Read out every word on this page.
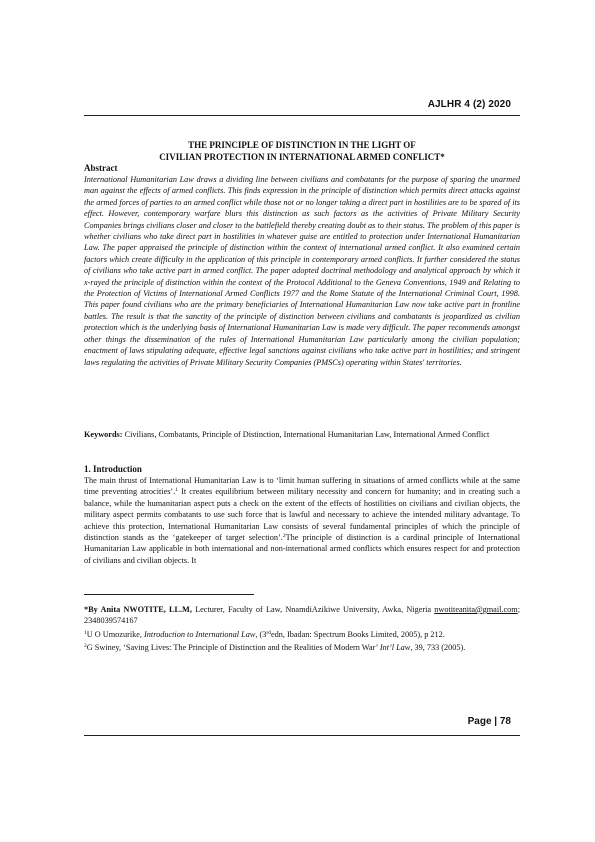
AJLHR 4 (2) 2020
THE PRINCIPLE OF DISTINCTION IN THE LIGHT OF
CIVILIAN PROTECTION IN INTERNATIONAL ARMED CONFLICT*
Abstract

International Humanitarian Law draws a dividing line between civilians and combatants for the purpose of sparing the unarmed man against the effects of armed conflicts. This finds expression in the principle of distinction which permits direct attacks against the armed forces of parties to an armed conflict while those not or no longer taking a direct part in hostilities are to be spared of its effect. However, contemporary warfare blurs this distinction as such factors as the activities of Private Military Security Companies brings civilians closer and closer to the battlefield thereby creating doubt as to their status. The problem of this paper is whether civilians who take direct part in hostilities in whatever guise are entitled to protection under International Humanitarian Law. The paper appraised the principle of distinction within the context of international armed conflict. It also examined certain factors which create difficulty in the application of this principle in contemporary armed conflicts. It further considered the status of civilians who take active part in armed conflict. The paper adopted doctrinal methodology and analytical approach by which it x-rayed the principle of distinction within the context of the Protocol Additional to the Geneva Conventions, 1949 and Relating to the Protection of Victims of International Armed Conflicts 1977 and the Rome Statute of the International Criminal Court, 1998. This paper found civilians who are the primary beneficiaries of International Humanitarian Law now take active part in frontline battles. The result is that the sanctity of the principle of distinction between civilians and combatants is jeopardized as civilian protection which is the underlying basis of International Humanitarian Law is made very difficult. The paper recommends amongst other things the dissemination of the rules of International Humanitarian Law particularly among the civilian population; enactment of laws stipulating adequate, effective legal sanctions against civilians who take active part in hostilities; and stringent laws regulating the activities of Private Military Security Companies (PMSCs) operating within States' territories.

Keywords: Civilians, Combatants, Principle of Distinction, International Humanitarian Law, International Armed Conflict
1. Introduction

The main thrust of International Humanitarian Law is to ‘limit human suffering in situations of armed conflicts while at the same time preventing atrocities’.$^1$ It creates equilibrium between military necessity and concern for humanity; and in creating such a balance, while the humanitarian aspect puts a check on the extent of the effects of hostilities on civilians and civilian objects, the military aspect permits combatants to use such force that is lawful and necessary to achieve the intended military advantage. To achieve this protection, International Humanitarian Law consists of several fundamental principles of which the principle of distinction stands as the ‘gatekeeper of target selection’.$^2$The principle of distinction is a cardinal principle of International Humanitarian Law applicable in both international and non-international armed conflicts which ensures respect for and protection of civilians and civilian objects. It

*By Anita NWOTITE, LL.M, Lecturer, Faculty of Law, NnamdiAzikiwe University, Awka, Nigeria nwotiteanita@gmail.com; 2348039574167

$^1$U O Umozurike, Introduction to International Law, (3rdedn, Ibadan: Spectrum Books Limited, 2005), p 212.

$^2$G Swiney, ‘Saving Lives: The Principle of Distinction and the Realities of Modern War’ Int’l Law, 39, 733 (2005).

Page | 78
